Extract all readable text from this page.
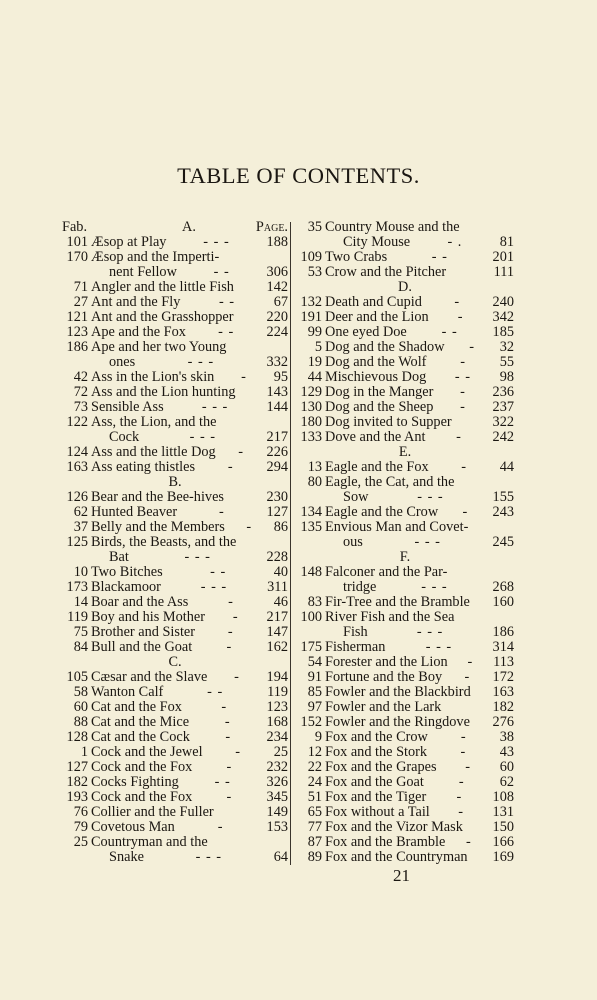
TABLE OF CONTENTS.
Fab.	A.	Page.
101 Æsop at Play	- - -	188
170 Æsop and the Imperti-
nent Fellow	- -	306
71 Angler and the little Fish 142
27 Ant and the Fly	- -	67
121 Ant and the Grasshopper 220
123 Ape and the Fox	- -	224
186 Ape and her two Young
ones	- - -	332
42 Ass in the Lion's skin	-	95
72 Ass and the Lion hunting 143
73 Sensible Ass	- - -	144
122 Ass, the Lion, and the
Cock	- - -	217
124 Ass and the little Dog	-	226
163 Ass eating thistles	-	294
B.
126 Bear and the Bee-hives	230
62 Hunted Beaver	-	127
37 Belly and the Members	-	86
125 Birds, the Beasts, and the
Bat	- - -	228
10 Two Bitches	- -	40
173 Blackamoor	- - -	311
14 Boar and the Ass	-	46
119 Boy and his Mother	-	217
75 Brother and Sister	-	147
84 Bull and the Goat	-	162
C.
105 Cæsar and the Slave	-	194
58 Wanton Calf	- -	119
60 Cat and the Fox	-	123
88 Cat and the Mice	-	168
128 Cat and the Cock	-	234
1 Cock and the Jewel	-	25
127 Cock and the Fox	-	232
182 Cocks Fighting	- -	326
193 Cock and the Fox	-	345
76 Collier and the Fuller	149
79 Covetous Man	-	153
25 Countryman and the
Snake	- - -	64
35 Country Mouse and the
City Mouse	- .	81
109 Two Crabs	- -	201
53 Crow and the Pitcher	111
D.
132 Death and Cupid	-	240
191 Deer and the Lion	-	342
99 One eyed Doe	- -	185
5 Dog and the Shadow	-	32
19 Dog and the Wolf	-	55
44 Mischievous Dog	- -	98
129 Dog in the Manger	-	236
130 Dog and the Sheep	-	237
180 Dog invited to Supper	322
133 Dove and the Ant	-	242
E.
13 Eagle and the Fox	-	44
80 Eagle, the Cat, and the
Sow	- - -	155
134 Eagle and the Crow	-	243
135 Envious Man and Covet-
ous	- - -	245
F.
148 Falconer and the Par-
tridge	- - -	268
83 Fir-Tree and the Bramble 160
100 River Fish and the Sea
Fish	- - -	186
175 Fisherman	- - -	314
54 Forester and the Lion	-	113
91 Fortune and the Boy	-	172
85 Fowler and the Blackbird 163
97 Fowler and the Lark	182
152 Fowler and the Ringdove 276
9 Fox and the Crow	-	38
12 Fox and the Stork	-	43
22 Fox and the Grapes	-	60
24 Fox and the Goat	-	62
51 Fox and the Tiger	-	108
65 Fox without a Tail	-	131
77 Fox and the Vizor Mask 150
87 Fox and the Bramble	-	166
89 Fox and the Countryman 169
21
